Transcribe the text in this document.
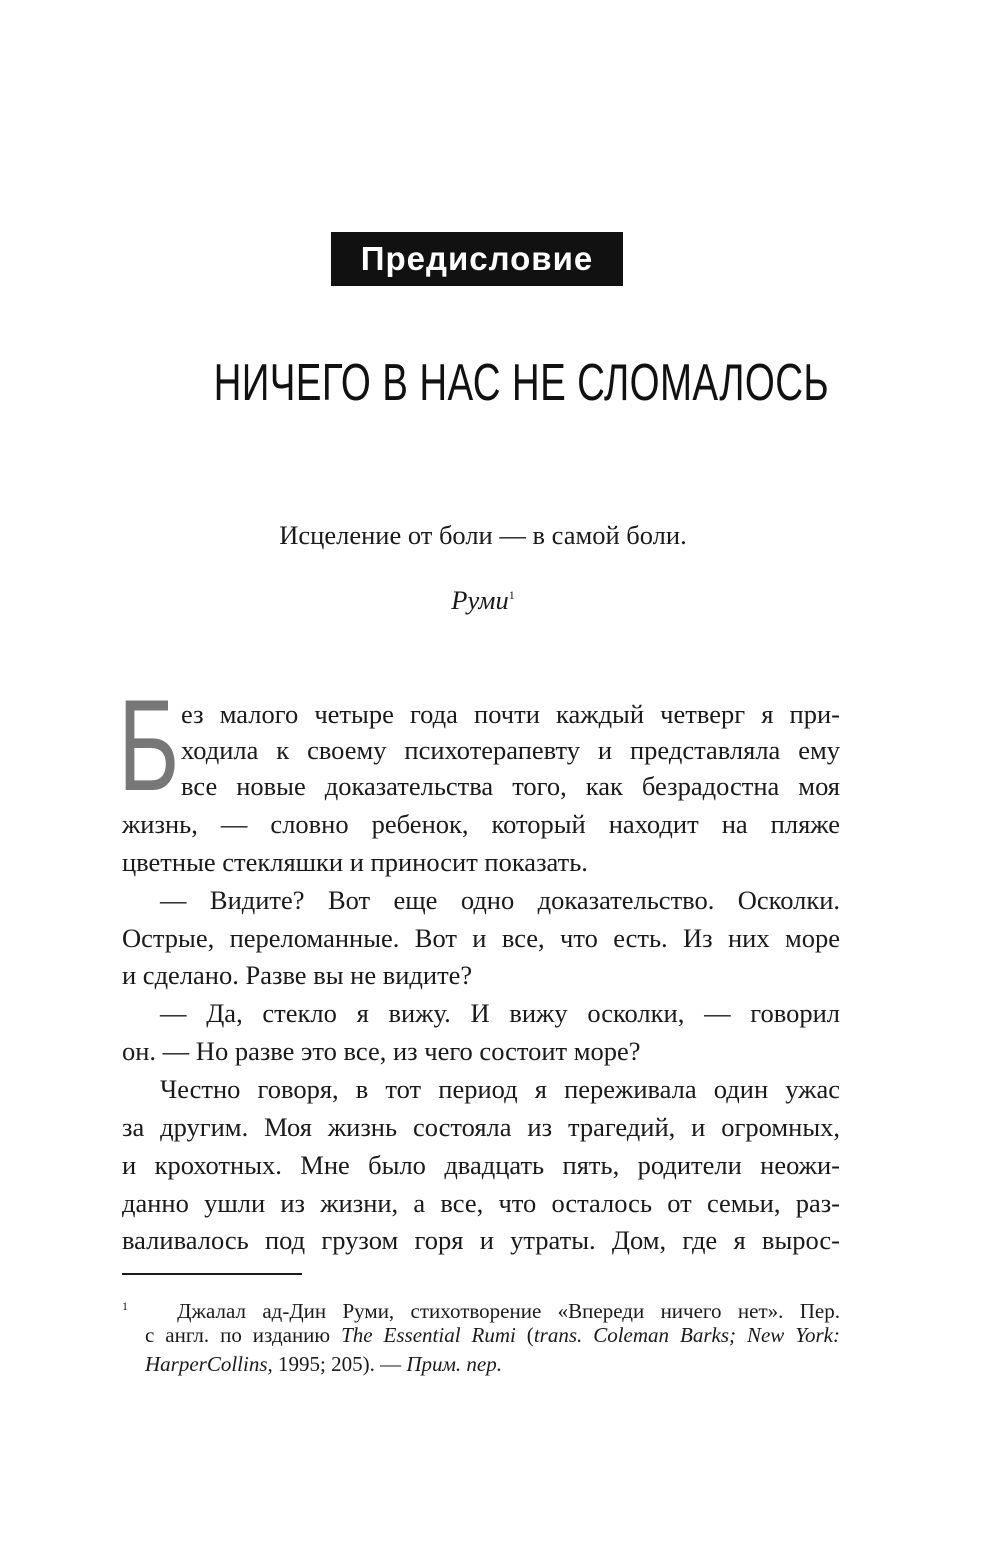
Предисловие
НИЧЕГО В НАС НЕ СЛОМАЛОСЬ
Исцеление от боли — в самой боли.
Руми$^1$
Б ез малого четыре года почти каждый четверг я при-
ходила к своему психотерапевту и представляла ему
все новые доказательства того, как безрадостна моя
жизнь, — словно ребенок, который находит на пляже
цветные стекляшки и приносит показать.
— Видите? Вот еще одно доказательство. Осколки.
Острые, переломанные. Вот и все, что есть. Из них море
и сделано. Разве вы не видите?
— Да, стекло я вижу. И вижу осколки, — говорил
он. — Но разве это все, из чего состоит море?
Честно говоря, в тот период я переживала один ужас
за другим. Моя жизнь состояла из трагедий, и огромных,
и крохотных. Мне было двадцать пять, родители неожи-
данно ушли из жизни, а все, что осталось от семьи, раз-
валивалось под грузом горя и утраты. Дом, где я вырос-
$^1$ Джалал ад-Дин Руми, стихотворение «Впереди ничего нет». Пер.
с англ. по изданию The Essential Rumi (trans. Coleman Barks; New York:
HarperCollins, 1995; 205). — Прим. пер.
